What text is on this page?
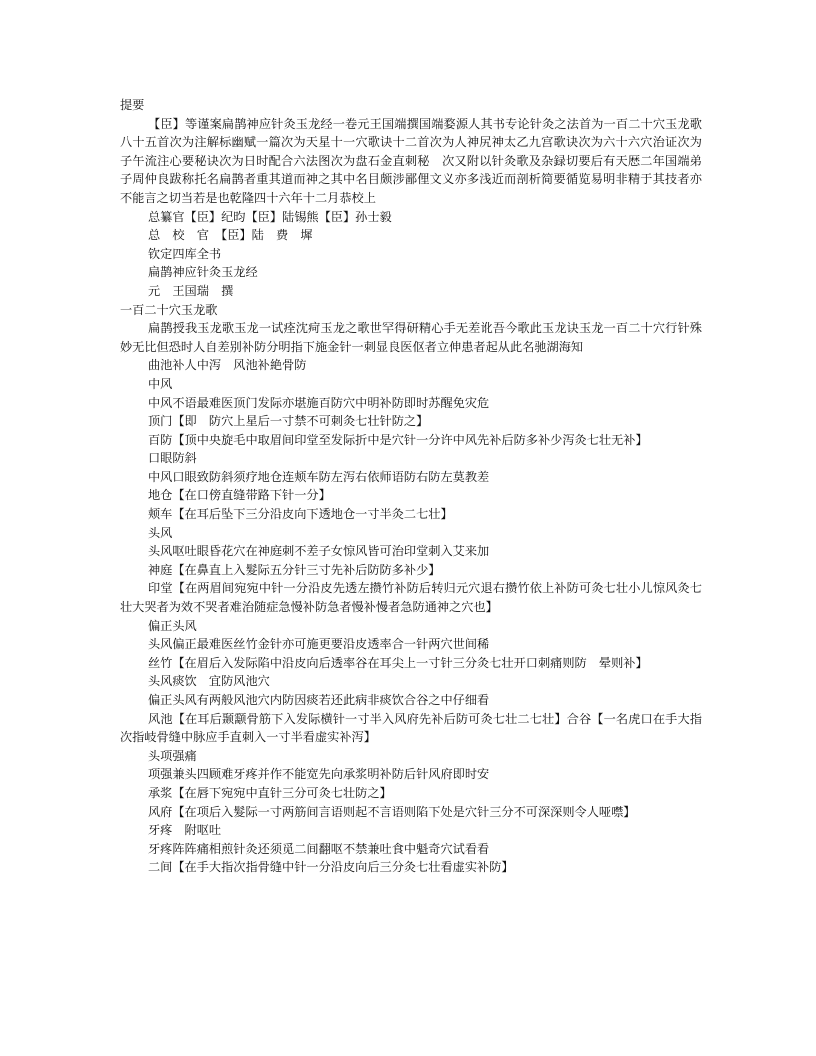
提要

【臣】等谨案扁鹊神应针灸玉龙经一卷元王国端撰国端婺源人其书专论针灸之法首为一百二十穴玉龙歌八十五首次为注解标幽赋一篇次为天星十一穴歌诀十二首次为人神尻神太乙九宫歌诀次为六十六穴治证次为子午流注心要秘诀次为日时配合六法图次为盘石金直刺秘　次又附以针灸歌及杂録切要后有天厯二年国端弟子周仲良跋称托名扁鹊者重其道而神之其中名目颇涉鄙俚文义亦多浅近而剖析简要循览易明非精于其技者亦不能言之切当若是也乾隆四十六年十二月恭校上

总纂官【臣】纪昀【臣】陆锡熊【臣】孙士毅

总　校　官　【臣】陆　费　墀

钦定四库全书

扁鹊神应针灸玉龙经

元　王国瑞　撰

一百二十穴玉龙歌

扁鹊授我玉龙歌玉龙一试痊沈疴玉龙之歌世罕得研精心手无差讹吾今歌此玉龙诀玉龙一百二十穴行针殊妙无比但恐时人自差别补防分明指下施金针一刺显良医伛者立伸患者起从此名驰湖海知

曲池补人中泻　风池补絶骨防

中风

中风不语最难医顶门发际亦堪施百防穴中明补防即时苏醒免灾危

顶门【即　防穴上星后一寸禁不可刺灸七壮针防之】

百防【顶中央旋毛中取眉间印堂至发际折中是穴针一分许中风先补后防多补少泻灸七壮无补】

口眼防斜

中风口眼致防斜须疗地仓连颊车防左泻右依师语防右防左莫教差

地仓【在口傍直缝带路下针一分】

颊车【在耳后坠下三分沿皮向下透地仓一寸半灸二七壮】

头风

头风呕吐眼昏花穴在神庭刺不差子女惊风皆可治印堂刺入艾来加

神庭【在鼻直上入髮际五分针三寸先补后防防多补少】

印堂【在两眉间宛宛中针一分沿皮先透左攒竹补防后转归元穴退右攒竹依上补防可灸七壮小儿惊风灸七壮大哭者为效不哭者难治随症急慢补防急者慢补慢者急防通神之穴也】

偏正头风

头风偏正最难医丝竹金针亦可施更要沿皮透率合一针两穴世间稀

丝竹【在眉后入发际陷中沿皮向后透率谷在耳尖上一寸针三分灸七壮开口刺痛则防　晕则补】

头风痰饮　宜防风池穴

偏正头风有两般风池穴内防因痰若还此病非痰饮合谷之中仔细看

风池【在耳后颞颥骨筋下入发际横针一寸半入风府先补后防可灸七壮二七壮】合谷【一名虎口在手大指次指岐骨缝中脉应手直刺入一寸半看虚实补泻】

头项强痛

项强兼头四顾难牙疼并作不能宽先向承浆明补防后针风府即时安

承浆【在唇下宛宛中直针三分可灸七壮防之】

风府【在项后入髮际一寸两筋间言语则起不言语则陷下处是穴针三分不可深深则令人哑噤】

牙疼　附呕吐

牙疼阵阵痛相煎针灸还须觅二间翻呕不禁兼吐食中魁奇穴试看看

二间【在手大指次指骨缝中针一分沿皮向后三分灸七壮看虚实补防】
